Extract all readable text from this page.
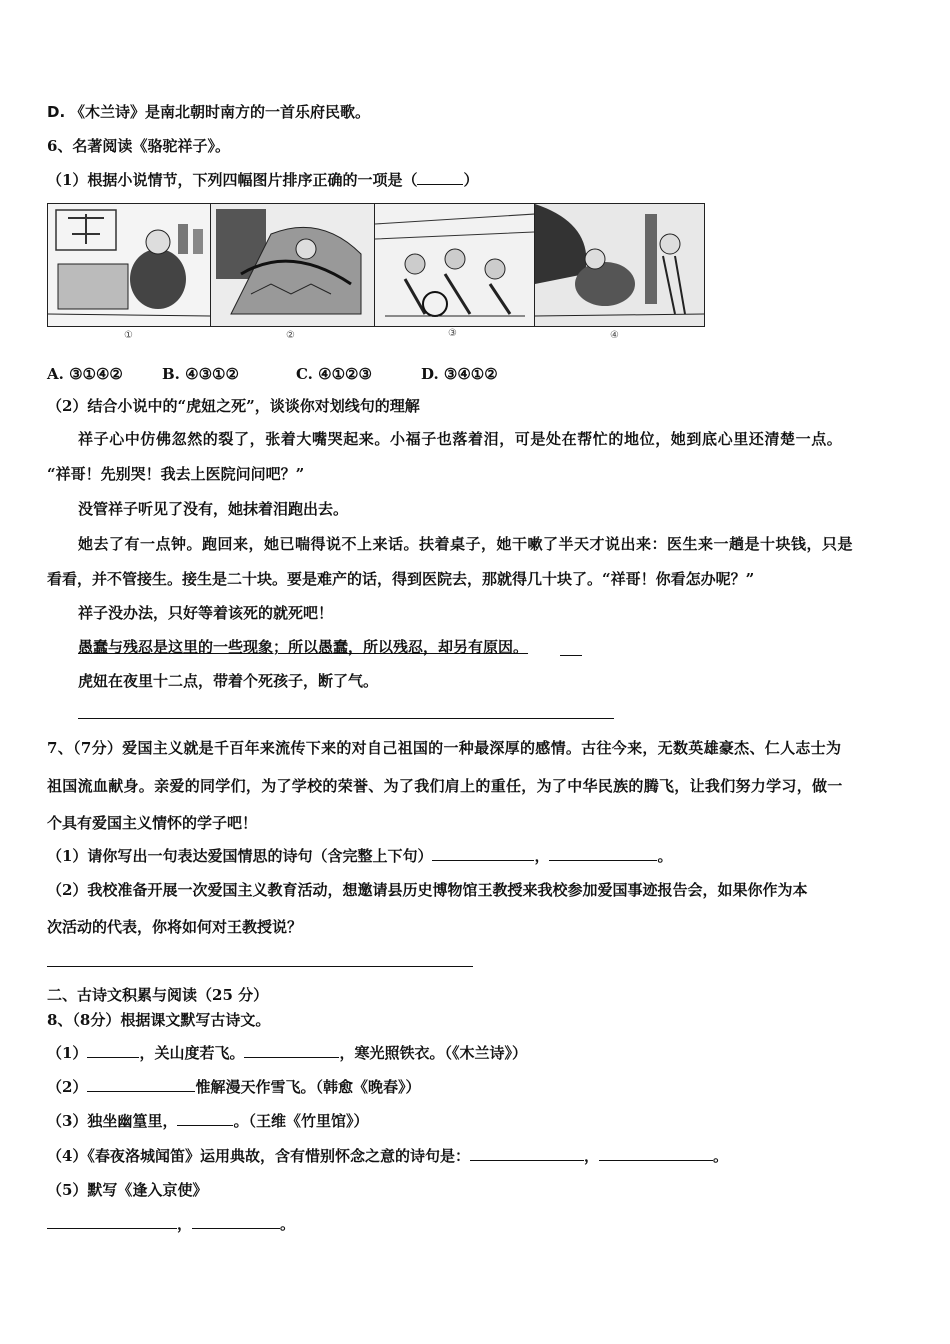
D. 《木兰诗》是南北朝时南方的一首乐府民歌。
6、名著阅读《骆驼祥子》。
（1）根据小说情节，下列四幅图片排序正确的一项是（	）
①	②	③	④
A. ③①④②	B. ④③①②	C. ④①②③	D. ③④①②
（2）结合小说中的“虎妞之死”，谈谈你对划线句的理解
祥子心中仿佛忽然的裂了，张着大嘴哭起来。小福子也落着泪，可是处在帮忙的地位，她到底心里还清楚一点。
“祥哥！先别哭！我去上医院问问吧？”
没管祥子听见了没有，她抹着泪跑出去。
她去了有一点钟。跑回来，她已喘得说不上来话。扶着桌子，她干嗽了半天才说出来：医生来一趟是十块钱，只是
看看，并不管接生。接生是二十块。要是难产的话，得到医院去，那就得几十块了。“祥哥！你看怎办呢？”
祥子没办法，只好等着该死的就死吧！
愚蠢与残忍是这里的一些现象；所以愚蠢，所以残忍，却另有原因。
虎妞在夜里十二点，带着个死孩子，断了气。
7、（7分）爱国主义就是千百年来流传下来的对自己祖国的一种最深厚的感情。古往今来，无数英雄豪杰、仁人志士为
祖国流血献身。亲爱的同学们，为了学校的荣誉、为了我们肩上的重任，为了中华民族的腾飞，让我们努力学习，做一
个具有爱国主义情怀的学子吧！
（1）请你写出一句表达爱国情思的诗句（含完整上下句）	，	。
（2）我校准备开展一次爱国主义教育活动，想邀请县历史博物馆王教授来我校参加爱国事迹报告会，如果你作为本
次活动的代表，你将如何对王教授说？
二、古诗文积累与阅读（25 分）
8、（8分）根据课文默写古诗文。
（1）	，关山度若飞。	，寒光照铁衣。（《木兰诗》）
（2）	惟解漫天作雪飞。（韩愈《晚春》）
（3）独坐幽篁里，	。（王维《竹里馆》）
（4）《春夜洛城闻笛》运用典故，含有惜别怀念之意的诗句是：	，	。
（5）默写《逢入京使》
，	。
